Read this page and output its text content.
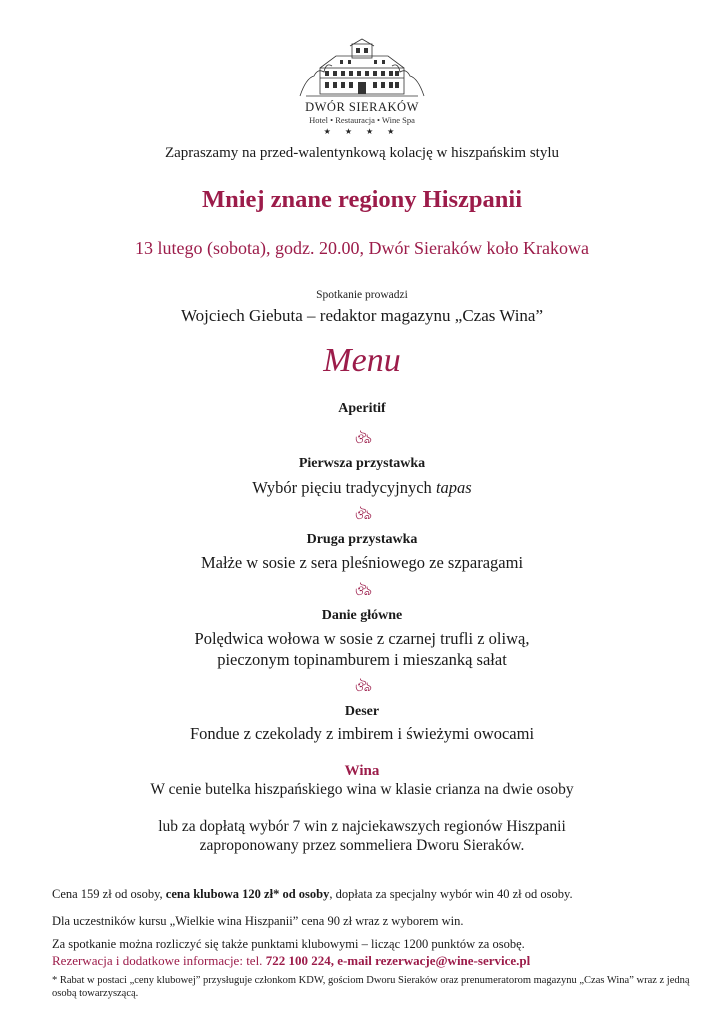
DWÓR SIERAKÓW
Hotel • Restauracja • Wine Spa
★ ★ ★ ★
Zapraszamy na przed-walentynkową kolację w hiszpańskim stylu
Mniej znane regiony Hiszpanii
13 lutego (sobota), godz. 20.00, Dwór Sieraków koło Krakowa
Spotkanie prowadzi
Wojciech Giebuta – redaktor magazynu „Czas Wina”
Menu
Aperitif
ঔঌ
Pierwsza przystawka
Wybór pięciu tradycyjnych tapas
ঔঌ
Druga przystawka
Małże w sosie z sera pleśniowego ze szparagami
ঔঌ
Danie główne
Polędwica wołowa w sosie z czarnej trufli z oliwą,
pieczonym topinamburem i mieszanką sałat
ঔঌ
Deser
Fondue z czekolady z imbirem i świeżymi owocami
Wina
W cenie butelka hiszpańskiego wina w klasie crianza na dwie osoby
lub za dopłatą wybór 7 win z najciekawszych regionów Hiszpanii
zaproponowany przez sommeliera Dworu Sieraków.
Cena 159 zł od osoby, cena klubowa 120 zł* od osoby, dopłata za specjalny wybór win 40 zł od osoby.
Dla uczestników kursu „Wielkie wina Hiszpanii” cena 90 zł wraz z wyborem win.
Za spotkanie można rozliczyć się także punktami klubowymi – licząc 1200 punktów za osobę.
Rezerwacja i dodatkowe informacje: tel. 722 100 224, e-mail rezerwacje@wine-service.pl
* Rabat w postaci „ceny klubowej” przysługuje członkom KDW, gościom Dworu Sieraków oraz prenumeratorom magazynu „Czas Wina” wraz z jedną osobą towarzyszącą.
